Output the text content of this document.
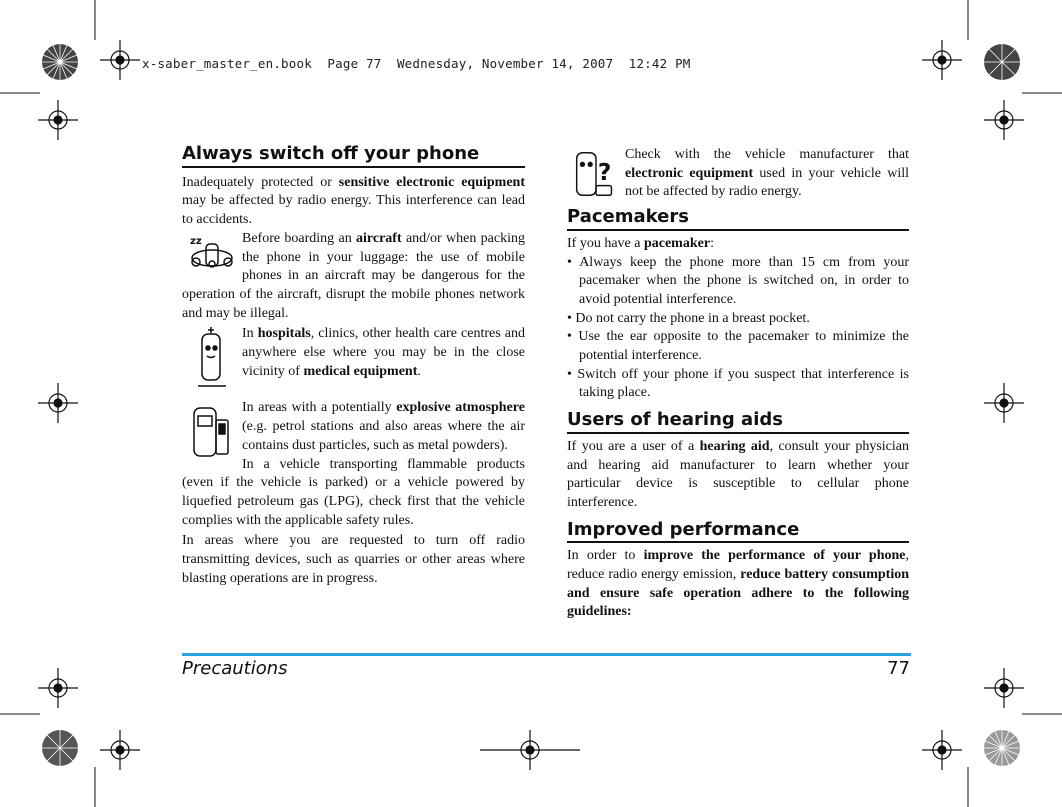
x-saber_master_en.book  Page 77  Wednesday, November 14, 2007  12:42 PM
Always switch off your phone

Inadequately protected or sensitive electronic equipment may be affected by radio energy. This interference can lead to accidents.

zz	Before boarding an aircraft and/or when packing the phone in your luggage: the use of mobile phones in an aircraft may be dangerous for the operation of the aircraft, disrupt the mobile phones network and may be illegal.

In hospitals, clinics, other health care centres and anywhere else where you may be in the close vicinity of medical equipment.

In areas with a potentially explosive atmosphere (e.g. petrol stations and also areas where the air contains dust particles, such as metal powders).

In a vehicle transporting flammable products (even if the vehicle is parked) or a vehicle powered by liquefied petroleum gas (LPG), check first that the vehicle complies with the applicable safety rules.

In areas where you are requested to turn off radio transmitting devices, such as quarries or other areas where blasting operations are in progress.

?
Check with the vehicle manufacturer that electronic equipment used in your vehicle will not be affected by radio energy.

Pacemakers

If you have a pacemaker:

• Always keep the phone more than 15 cm from your pacemaker when the phone is switched on, in order to avoid potential interference.

• Do not carry the phone in a breast pocket.

• Use the ear opposite to the pacemaker to minimize the potential interference.

• Switch off your phone if you suspect that interference is taking place.

Users of hearing aids

If you are a user of a hearing aid, consult your physician and hearing aid manufacturer to learn whether your particular device is susceptible to cellular phone interference.

Improved performance

In order to improve the performance of your phone, reduce radio energy emission, reduce battery consumption and ensure safe operation adhere to the following guidelines:

Precautions	77
